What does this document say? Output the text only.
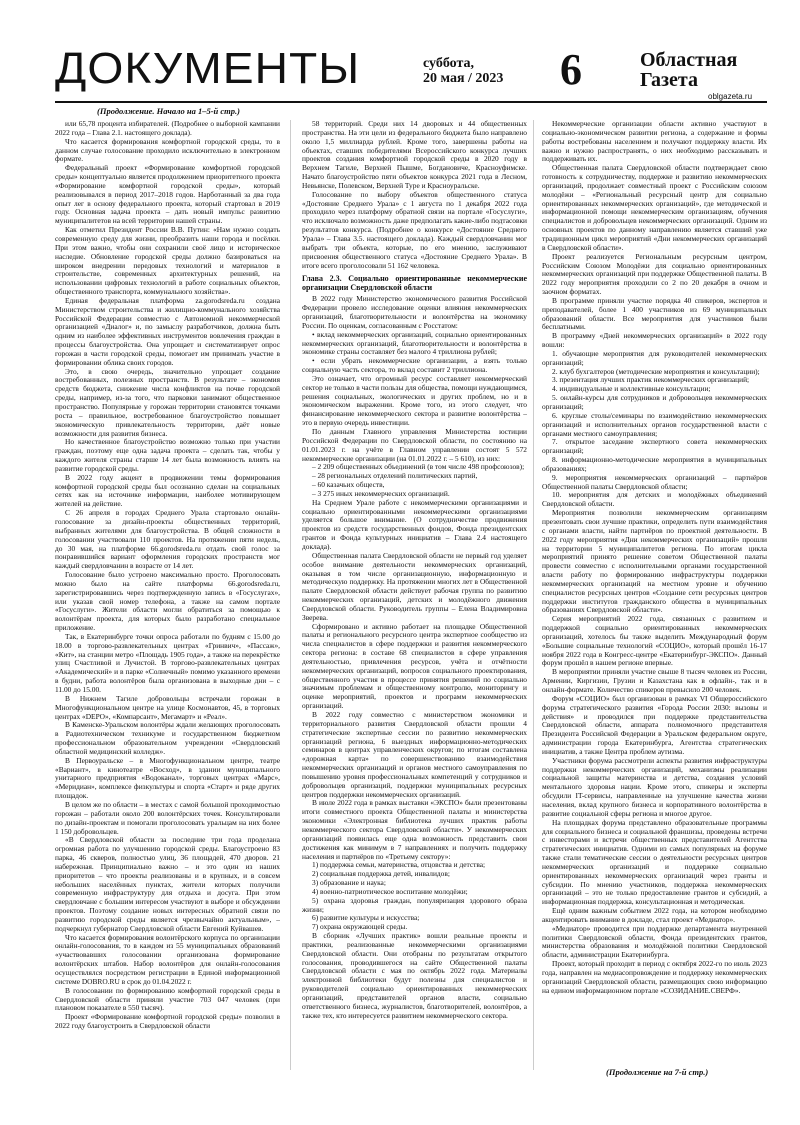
ДОКУМЕНТЫ	суббота,
20 мая / 2023 6	Областная
Газета
oblgazeta.ru
(Продолжение. Начало на 1–5-й стр.)

или 65,78 процента избирателей. (Подробнее о выборной кампании 2022 года – Глава 2.1. настоящего доклада).

Что касается формирования комфортной городской среды, то в данном случае голосование проходило исключительно в электронном формате.

Федеральный проект «Формирование комфортной городской среды» концептуально является продолжением приоритетного проекта «Формирование комфортной городской среды», который реализовывался в период 2017–2018 годов. Нарботанный за два года опыт лег в основу федерального проекта, который стартовал в 2019 году. Основная задача проекта – дать новый импульс развитию муниципалитетов на всей территории нашей страны.

Как отметил Президент России В.В. Путин: «Нам нужно создать современную среду для жизни, преобразить наши города и посёлки. При этом важно, чтобы они сохранили своё лицо и историческое наследие. Обновление городской среды должно базироваться на широком внедрении передовых технологий и материалов в строительстве, современных архитектурных решений, на использовании цифровых технологий в работе социальных объектов, общественного транспорта, коммунального хозяйства».

Единая федеральная платформа za.gorodsreda.ru создана Министерством строительства и жилищно-коммунального хозяйства Российской Федерации совместно с Автономной некоммерческой организацией «Диалог» и, по замыслу разработчиков, должна быть одним из наиболее эффективных инструментов вовлечения граждан в процессы благоустройства. Она упрощает и систематизирует опрос горожан в части городской среды, помогает им принимать участие в формировании облика своих городов.

Это, в свою очередь, значительно упрощает создание востребованных, полезных пространств. В результате – экономия средств бюджета, снижение числа конфликтов на почве городской среды, например, из-за того, что парковки занимают общественное пространство. Популярные у горожан территории становятся точками роста – правильное, востребованное благоустройство повышает экономическую привлекательность территории, даёт новые возможности для развития бизнеса.

Но качественное благоустройство возможно только при участии граждан, поэтому еще одна задача проекта – сделать так, чтобы у каждого жителя страны старше 14 лет была возможность влиять на развитие городской среды.

В 2022 году акцент в продвижении темы формирования комфортной городской среды был осознанно сделан на социальных сетях как на источнике информации, наиболее мотивирующем жителей на действие.

С 26 апреля в городах Среднего Урала стартовало онлайн-голосование за дизайн-проекты общественных территорий, выбранных жителями для благоустройства. В общей сложности в голосовании участвовали 110 проектов. На протяжении пяти недель, до 30 мая, на платформе 66.gorodsreda.ru отдать свой голос за понравившийся вариант оформления городских пространств мог каждый свердловчанин в возрасте от 14 лет.

Голосование было устроено максимально просто. Проголосовать можно было на сайте платформы 66.gorodsreda.ru, зарегистрировавшись через подтвержденную запись в «Госуслугах», или указав свой номер телефона, а также на самом портале «Госуслуги». Жители области могли обратиться за помощью к волонтёрам проекта, для которых было разработано специальное приложение.

Так, в Екатеринбурге точки опроса работали по будням с 15.00 до 18.00 в торгово-развлекательных центрах «Гринвич», «Пассаж», «Кит», на станции метро «Площадь 1905 года», а также на перекрёстке улиц Счастливой и Лучистой. В торгово-развлекательных центрах «Академический» и в парке «Солнечный» помимо указанного времени в будни, работа волонтёров была организована в выходные дни – с 11.00 до 15.00.

В Нижнем Тагиле добровольцы встречали горожан в Многофункциональном центре на улице Космонавтов, 45, в торговых центрах «DEPO», «Компарсант», Мегамарт» и «Реал».

В Каменске-Уральском волонтёры ждали желающих проголосовать в Радиотехническом техникуме и государственном бюджетном профессиональном образовательном учреждении «Свердловский областной медицинский колледж».

В Первоуральске – в Многофункциональном центре, театре «Вариант», в кинотеатре «Восход», в здании муниципального унитарного предприятия «Водоканал», торговых центрах «Марс», «Меридиан», комплексе физкультуры и спорта «Старт» и ряде других площадок.

В целом же по области – в местах с самой большой проходимостью горожан – работали около 200 волонтёрских точек. Консультировали по дизайн-проектам и помогали проголосовать уральцам на них более 1 150 добровольцев.

«В Свердловской области за последние три года проделана огромная работа по улучшению городской среды. Благоустроено 83 парка, 46 скверов, полностью улиц, 36 площадей, 470 дворов. 21 набережная. Принципиально важно – и это один из наших приоритетов – что проекты реализованы и в крупных, и в совсем небольших населённых пунктах, жители которых получили современную инфраструктуру для отдыха и досуга. При этом свердловчане с большим интересом участвуют в выборе и обсуждении проектов. Поэтому создание новых интересных обратной связи по развитию городской среды является чрезвычайно актуальным», – подчеркнул губернатор Свердловской области Евгений Куйвашев.

Что касается формирования волонтёрского корпуса по организации онлайн-голосования, то в каждом из 55 муниципальных образований «участвовавших голосовании организована формирование волонтёрских штабов. Набор волонтёров для онлайн-голосования осуществлялся посредством регистрации в Единой информационной системе DOBRO.RU в срок до 01.04.2022 г.

В голосовании по формированию комфортной городской среды в Свердловской области приняли участие 703 047 человек (при плановом показателе в 550 тысяч).

Проект «Формирование комфортной городской среды» позволил в 2022 году благоустроить в Свердловской области

58 территорий. Среди них 14 дворовых и 44 общественных пространства. На эти цели из федерального бюджета было направлено около 1,5 миллиарда рублей. Кроме того, завершены работы на объектах, ставших победителями Всероссийского конкурса лучших проектов создания комфортной городской среды в 2020 году в Верхнем Тагиле, Верхней Пышме, Богдановиче, Красноуфимске. Начато благоустройство пяти объектов конкурса 2021 года в Лесном, Невьянске, Полевском, Верхней Туре и Красноуральске.

Голосование по выбору объектов общественного статуса «Достояние Среднего Урала» с 1 августа по 1 декабря 2022 года проходило через платформу обратной связи на портале «Госуслуги», что исключало возможность даже предполагать какие-либо подтасовки результатов конкурса. (Подробнее о конкурсе «Достояние Среднего Урала» – Глава 3.5. настоящего доклада). Каждый свердловчанин мог выбрать три объекта, которые, по его мнению, заслуживают присвоения общественного статуса «Достояние Среднего Урала». В итоге всего проголосовали 51 162 человека.

Глава 2.3. Социально ориентированные некоммерческие организации Свердловской области

В 2022 году Министерство экономического развития Российской Федерации провело исследование оценки влияния некоммерческих организаций, благотворительности и волонтёрства на экономику России. По оценкам, согласованным с Росстатом:

• вклад некоммерческих организаций, социально ориентированных некоммерческих организаций, благотворительности и волонтёрства в экономике страны составляет без малого 4 триллиона рублей;

• если убрать некоммерческие организации, а взять только социальную часть сектора, то вклад составит 2 триллиона.

Это означает, что огромный ресурс составляет некоммерческий сектор не только в части пользы для общества, помощи нуждающимся, решения социальных, экологических и других проблем, но и в экономическом выражении. Кроме того, из этого следует, что финансирование некоммерческого сектора и развитие волонтёрства – это в первую очередь инвестиции.

По данным Главного управления Министерства юстиции Российской Федерации по Свердловской области, по состоянию на 01.01.2023 г. на учёте в Главном управлении состоят 5 572 некоммерческие организации (на 01.01.2022 г. – 5 610), из них:

– 2 209 общественных объединений (в том числе 498 профсоюзов);

– 28 региональных отделений политических партий,

– 60 казачьих обществ,

– 3 275 иных некоммерческих организаций.

На Среднем Урале работе с некоммерческими организациями и социально ориентированными некоммерческими организациями уделяется большое внимание. (О сотрудничестве продвижения проектов из средств государственных фондов, Фонда президентских грантов и Фонда культурных инициатив – Глава 2.4 настоящего доклада).

Общественная палата Свердловской области не первый год уделяет особое внимание деятельности некоммерческих организаций, оказывая в том числе организационную, информационную и методическую поддержку. На протяжении многих лет в Общественной палате Свердловской области действует рабочая группа по развитию некоммерческих организаций, детских и молодёжного движения Свердловской области. Руководитель группы – Елена Владимировна Зверева.

Сформировано и активно работает на площадке Общественной палаты и регионального ресурсного центра экспертное сообщество из числа специалистов в сфере поддержки и развития некоммерческого сектора региона: в составе 68 специалистов в сфере управления деятельностью, привлечения ресурсов, учёта и отчётности некоммерческих организаций, вопросов социального проектирования, общественного участия в процессе принятия решений по социально значимым проблемам и общественному контролю, мониторингу и оценке мероприятий, проектов и программ некоммерческих организаций.

В 2022 году совместно с министерством экономики и территориального развития Свердловской области прошли 4 стратегические экспертные сессии по развитию некоммерческих организаций региона, 6 выездных информационно-методических семинаров в центрах управленческих округов; по итогам составлена «дорожная карта» по совершенствованию взаимодействия некоммерческих организаций и органов местного самоуправления по повышению уровня профессиональных компетенций у сотрудников и добровольцев организаций, поддержки муниципальных ресурсных центров поддержки некоммерческих организаций.

В июле 2022 года в рамках выставки «ЭКСПО» были презентованы итоги совместного проекта Общественной палаты и министерства экономики «Электронная библиотека лучших практик работы некоммерческого сектора Свердловской области». У некоммерческих организаций появилась еще одна возможность представить свои достижения как минимум в 7 направлениях и получить поддержку населения и партнёров по «Третьему сектору»:

1) поддержка семьи, материнства, отцовства и детства;

2) социальная поддержка детей, инвалидов;

3) образование и наука;

4) военно-патриотическое воспитание молодёжи;

5) охрана здоровья граждан, популяризация здорового образа жизни;

6) развитие культуры и искусства;

7) охрана окружающей среды.

В сборник «Лучших практик» вошли реальные проекты и практики, реализованные некоммерческими организациями Свердловской области. Они отобраны по результатам открытого голосования, проводившегося на сайте Общественной палаты Свердловской области с мая по октябрь 2022 года. Материалы электронной библиотеки будут полезны для специалистов и руководителей социально ориентированных некоммерческих организаций, представителей органов власти, социально ответственного бизнеса, журналистов, благотворителей, волонтёров, а также тех, кто интересуется развитием некоммерческого сектора.

Некоммерческие организации области активно участвуют в социально-экономическом развитии региона, а содержание и формы работы востребованы населением и получают поддержку власти. Их важно и нужно распространять, о них необходимо рассказывать и поддерживать их.

Общественная палата Свердловской области подтверждает свою готовность к сотрудничеству, поддержке и развитию некоммерческих организаций, продолжает совместный проект с Российским союзом молодёжи – «Региональный ресурсный центр для социально ориентированных некоммерческих организаций», где методической и информационной помощи некоммерческим организациям, обучения специалистов и добровольцев некоммерческих организаций. Одним из основных проектов по данному направлению является ставший уже традиционным цикл мероприятий «Дни некоммерческих организаций в Свердловской области».

Проект реализуется Региональным ресурсным центром, Российским Союзом Молодёжи для социально ориентированных некоммерческих организаций при поддержке Общественной палаты. В 2022 году мероприятия проходили со 2 по 20 декабря в очном и заочном форматах.

В программе приняли участие порядка 40 спикеров, экспертов и преподавателей, более 1 400 участников из 69 муниципальных образований области. Все мероприятия для участников были бесплатными.

В программу «Дней некоммерческих организаций» в 2022 году вошли:

1. обучающие мероприятия для руководителей некоммерческих организаций;

2. клуб бухгалтеров (методические мероприятия и консультации);

3. презентация лучших практик некоммерческих организаций;

4. индивидуальные и коллективные консультации;

5. онлайн-курсы для сотрудников и добровольцев некоммерческих организаций;

6. круглые столы/семинары по взаимодействию некоммерческих организаций и исполнительных органов государственной власти с органами местного самоуправления;

7. открытое заседание экспертного совета некоммерческих организаций;

8. информационно-методические мероприятия в муниципальных образованиях;

9. мероприятия некоммерческих организаций – партнёров Общественной палаты Свердловской области;

10. мероприятия для детских и молодёжных объединений Свердловской области.

Мероприятия позволили некоммерческим организациям презентовать свои лучшие практики, определить пути взаимодействия с органами власти, найти партнёров по проектной деятельности. В 2022 году мероприятия «Дни некоммерческих организаций» прошли на территории 5 муниципалитетов региона. По итогам цикла мероприятий принято решение советом Общественной палаты провести совместно с исполнительными органами государственной власти работу по формированию инфраструктуры поддержки некоммерческих организаций на местном уровне и обучению специалистов ресурсных центров «Создание сети ресурсных центров поддержки институтов гражданского общества в муниципальных образованиях Свердловской области».

Серия мероприятий 2022 года, связанных с развитием и поддержкой социально ориентированных некоммерческих организаций, хотелось бы также выделить Международный форум «Большие социальные технологий «СОЦИО», который прошёл 16-17 ноября 2022 года в Конгресс-центре «Екатеринбург-ЭКСПО». Данный форум прошёл в нашем регионе впервые.

В мероприятии приняли участие свыше 8 тысяч человек из России, Армении, Киргизии, Грузии и Казахстана как в офлайн-, так и в онлайн-формате. Количество спикеров превысило 200 человек.

Форум «СОЦИО» был организован в рамках VI Общероссийского форума стратегического развития «Города России 2030: вызовы и действия» и проводился при поддержке представительства Свердловской области, аппарата полномочного представителя Президента Российской Федерации в Уральском федеральном округе, администрации города Екатеринбурга, Агентства стратегических инициатив, а также Центра проблем аутизма.

Участники форума рассмотрели аспекты развития инфраструктуры поддержки некоммерческих организаций, механизмы реализации социальной защиты материнства и детства, создания условий ментального здоровья нации. Кроме этого, спикеры и эксперты обсудили IT-сервисы, направленные на улучшение качества жизни населения, вклад крупного бизнеса и корпоративного волонтёрства в развитие социальной сферы региона и многое другое.

На площадках форума представлено образовательные программы для социального бизнеса и социальной франшизы, проведены встречи с инвесторами и встречи общественных представителей Агентства стратегических инициатив. Одними из самых популярных на форуме также стали тематические сессии о деятельности ресурсных центров некоммерческих организаций и поддержке социально ориентированных некоммерческих организаций через гранты и субсидии. По мнению участников, поддержка некоммерческих организаций – это не только предоставление грантов и субсидий, а информационная поддержка, консультационная и методическая.

Ещё одним важным событием 2022 года, на котором необходимо акцентировать внимание в докладе, стал проект «Медиатор».

«Медиатор» проводится при поддержке департамента внутренней политики Свердловской области, Фонда президентских грантов, министерства образования и молодёжной политики Свердловской области, администрации Екатеринбурга.

Проект, который проходит в период с октября 2022-го по июль 2023 года, направлен на медиасопровождение и поддержку некоммерческих организаций Свердловской области, размещающих свою информацию на едином информационном портале «СОЗИДАНИЕ.СВЕРФ».

(Продолжение на 7-й стр.)
